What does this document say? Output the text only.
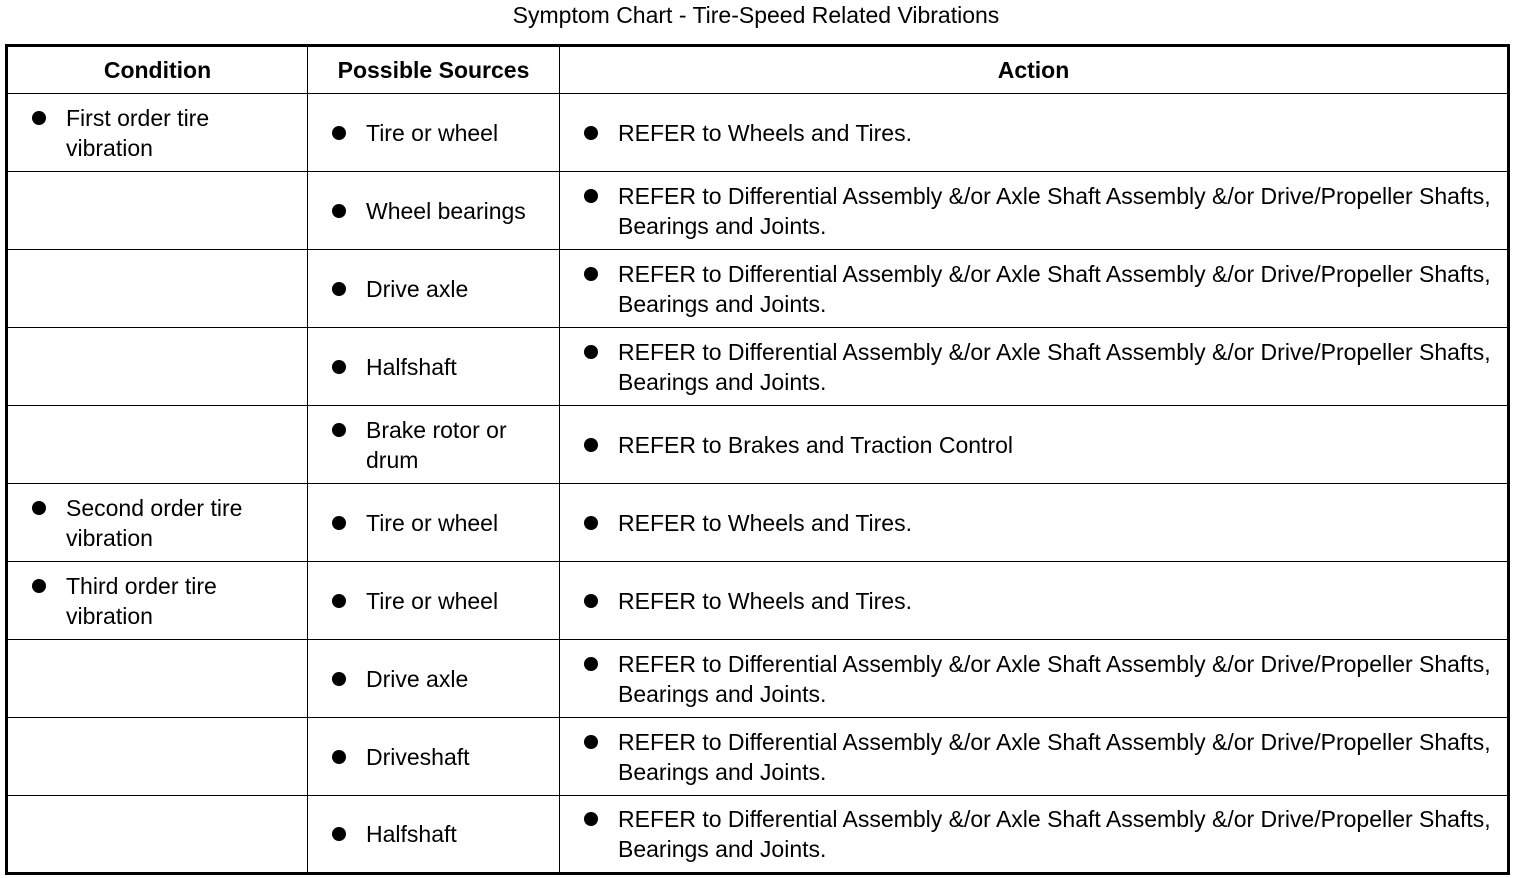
Symptom Chart - Tire-Speed Related Vibrations
Condition	Possible Sources	Action

First order tire vibration	Tire or wheel	REFER to Wheels and Tires.

	Wheel bearings	REFER to Differential Assembly &/or Axle Shaft Assembly &/or Drive/Propeller Shafts, Bearings and Joints.

	Drive axle	REFER to Differential Assembly &/or Axle Shaft Assembly &/or Drive/Propeller Shafts, Bearings and Joints.

	Halfshaft	REFER to Differential Assembly &/or Axle Shaft Assembly &/or Drive/Propeller Shafts, Bearings and Joints.

	Brake rotor or drum	REFER to Brakes and Traction Control

Second order tire vibration	Tire or wheel	REFER to Wheels and Tires.

Third order tire vibration	Tire or wheel	REFER to Wheels and Tires.

	Drive axle	REFER to Differential Assembly &/or Axle Shaft Assembly &/or Drive/Propeller Shafts, Bearings and Joints.

	Driveshaft	REFER to Differential Assembly &/or Axle Shaft Assembly &/or Drive/Propeller Shafts, Bearings and Joints.

	Halfshaft	REFER to Differential Assembly &/or Axle Shaft Assembly &/or Drive/Propeller Shafts, Bearings and Joints.
